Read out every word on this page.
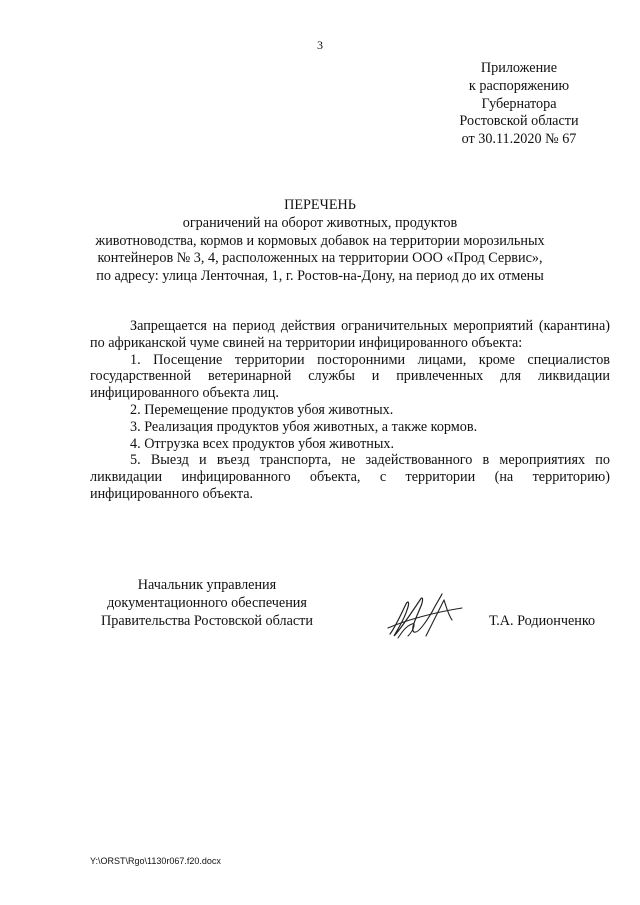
3
Приложение
к распоряжению
Губернатора
Ростовской области
от 30.11.2020 № 67
ПЕРЕЧЕНЬ
ограничений на оборот животных, продуктов
животноводства, кормов и кормовых добавок на территории морозильных
контейнеров № 3, 4, расположенных на территории ООО «Прод Сервис»,
по адресу: улица Ленточная, 1, г. Ростов-на-Дону, на период до их отмены
Запрещается на период действия ограничительных мероприятий (карантина) по африканской чуме свиней на территории инфицированного объекта:
1. Посещение территории посторонними лицами, кроме специалистов государственной ветеринарной службы и привлеченных для ликвидации инфицированного объекта лиц.
2. Перемещение продуктов убоя животных.
3. Реализация продуктов убоя животных, а также кормов.
4. Отгрузка всех продуктов убоя животных.
5. Выезд и въезд транспорта, не задействованного в мероприятиях по ликвидации инфицированного объекта, с территории (на территорию) инфицированного объекта.
Начальник управления
документационного обеспечения
Правительства Ростовской области	Т.А. Родионченко
Y:\ORST\Rgo\1130r067.f20.docx
